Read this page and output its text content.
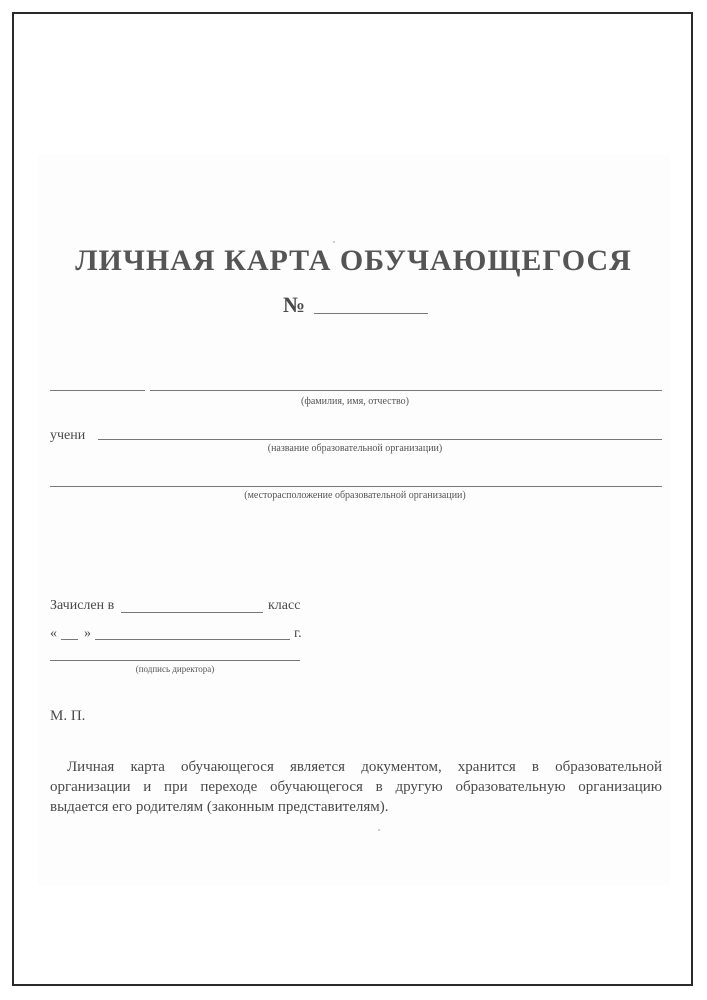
ЛИЧНАЯ КАРТА ОБУЧАЮЩЕГОСЯ
№
(фамилия, имя, отчество)
учени
(название образовательной организации)
(месторасположение образовательной организации)
Зачислен в	класс
« »	г.
(подпись директора)
М. П.
Личная карта обучающегося является документом, хранится в образовательной
организации и при переходе обучающегося в другую образовательную организацию
выдается его родителям (законным представителям).
